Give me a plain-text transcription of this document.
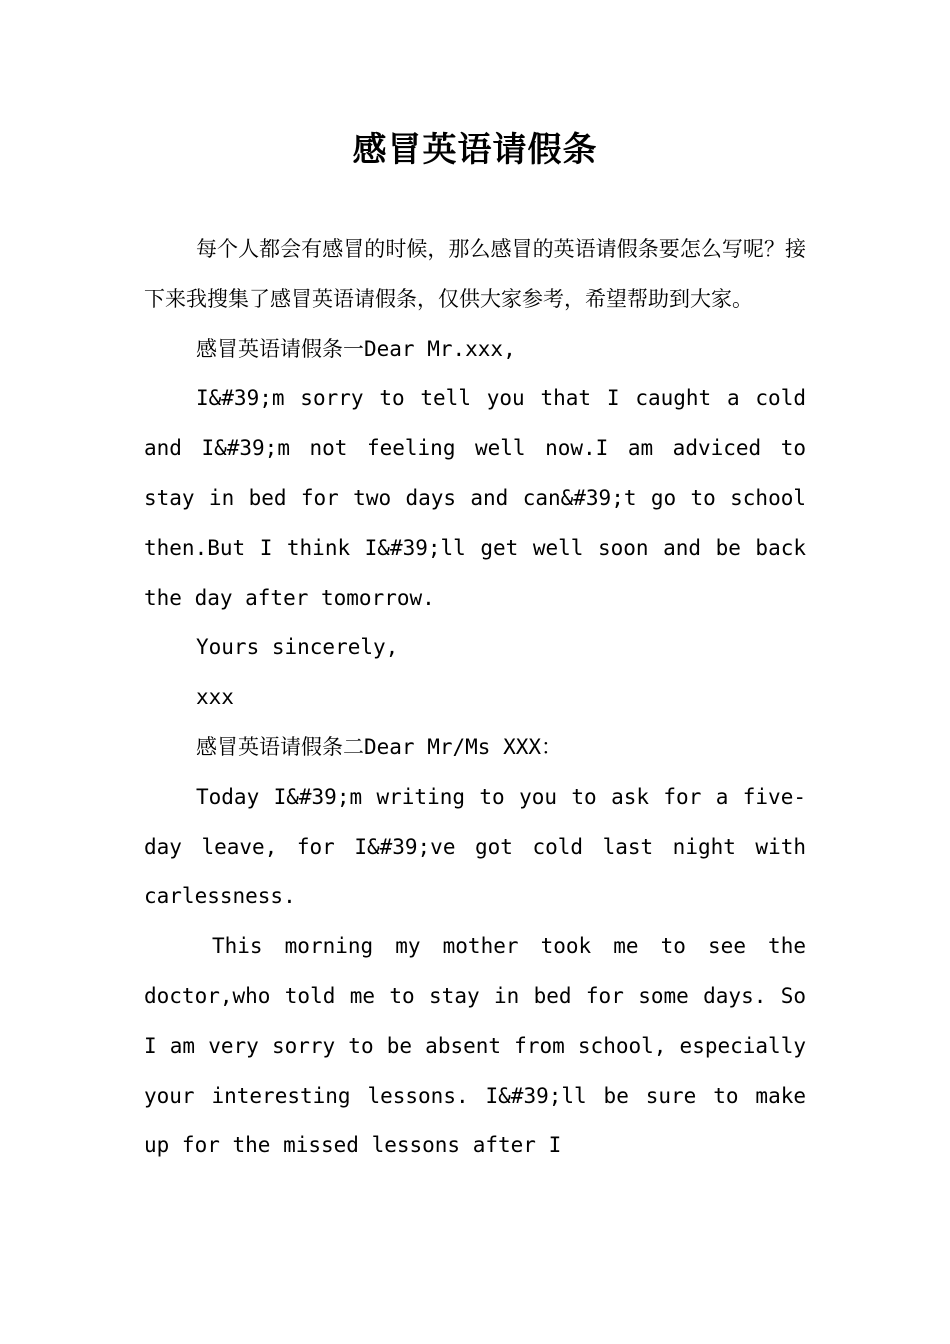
感冒英语请假条

每个人都会有感冒的时候，那么感冒的英语请假条要怎么写呢？接下来我搜集了感冒英语请假条，仅供大家参考，希望帮助到大家。

感冒英语请假条一Dear Mr.xxx,

I&#39;m sorry to tell you that I caught a cold and I&#39;m not feeling well now.I am adviced to stay in bed for two days and can&#39;t go to school then.But I think I&#39;ll get well soon and be back the day after tomorrow.

Yours sincerely,

xxx

感冒英语请假条二Dear Mr/Ms XXX：

Today I&#39;m writing to you to ask for a five-day leave, for I&#39;ve got cold last night with carlessness.

This morning my mother took me to see the doctor,who told me to stay in bed for some days. So I am very sorry to be absent from school, especially your interesting lessons. I&#39;ll be sure to make up for the missed lessons after I
